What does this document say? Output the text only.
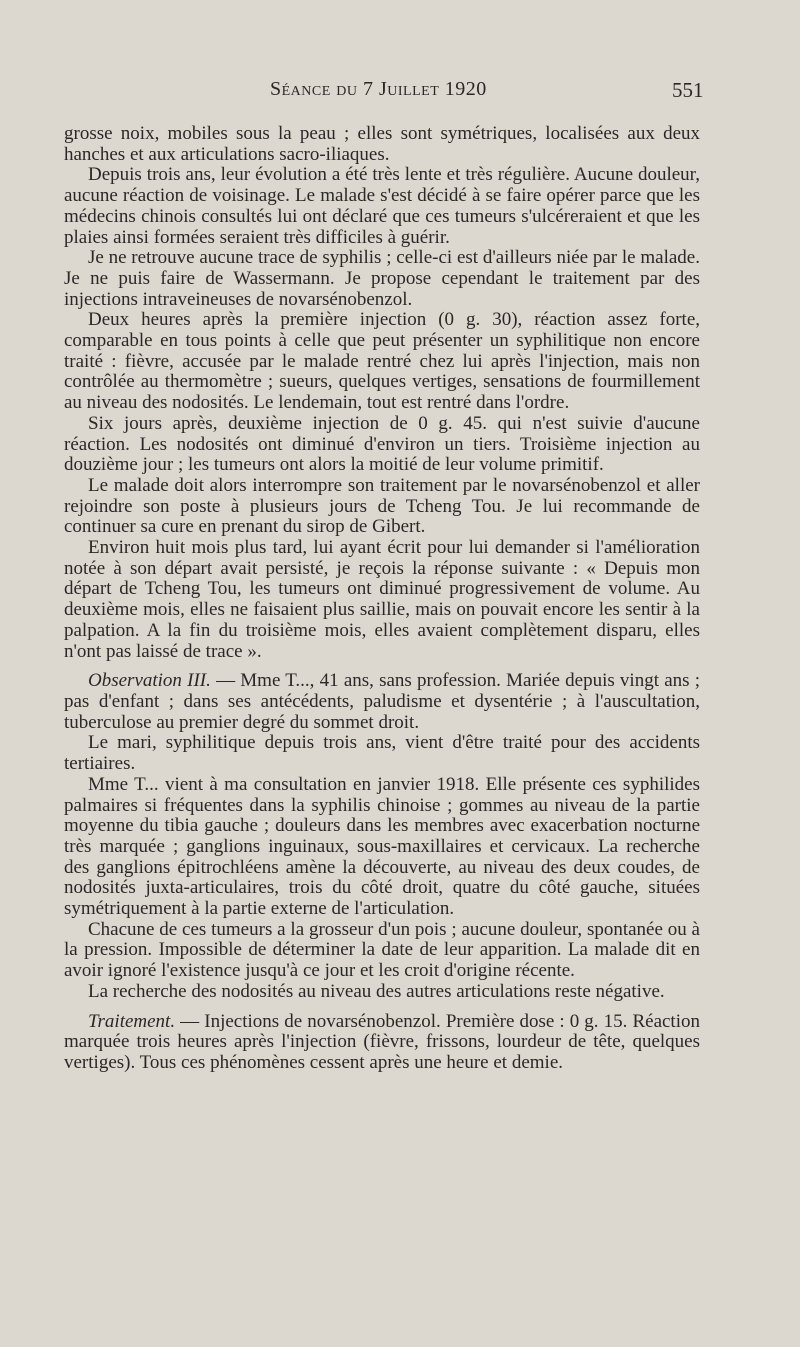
Séance du 7 Juillet 1920	551

grosse noix, mobiles sous la peau ; elles sont symétriques, localisées aux deux hanches et aux articulations sacro-iliaques.

Depuis trois ans, leur évolution a été très lente et très régulière. Aucune douleur, aucune réaction de voisinage. Le malade s'est décidé à se faire opérer parce que les médecins chinois consultés lui ont déclaré que ces tumeurs s'ulcéreraient et que les plaies ainsi formées seraient très difficiles à guérir.

Je ne retrouve aucune trace de syphilis ; celle-ci est d'ailleurs niée par le malade. Je ne puis faire de Wassermann. Je propose cependant le traitement par des injections intraveineuses de novarsénobenzol.

Deux heures après la première injection (0 g. 30), réaction assez forte, comparable en tous points à celle que peut présenter un syphilitique non encore traité : fièvre, accusée par le malade rentré chez lui après l'injection, mais non contrôlée au thermomètre ; sueurs, quelques vertiges, sensations de fourmillement au niveau des nodosités. Le lendemain, tout est rentré dans l'ordre.

Six jours après, deuxième injection de 0 g. 45. qui n'est suivie d'aucune réaction. Les nodosités ont diminué d'environ un tiers. Troisième injection au douzième jour ; les tumeurs ont alors la moitié de leur volume primitif.

Le malade doit alors interrompre son traitement par le novarsénobenzol et aller rejoindre son poste à plusieurs jours de Tcheng Tou. Je lui recommande de continuer sa cure en prenant du sirop de Gibert.

Environ huit mois plus tard, lui ayant écrit pour lui demander si l'amélioration notée à son départ avait persisté, je reçois la réponse suivante : « Depuis mon départ de Tcheng Tou, les tumeurs ont diminué progressivement de volume. Au deuxième mois, elles ne faisaient plus saillie, mais on pouvait encore les sentir à la palpation. A la fin du troisième mois, elles avaient complètement disparu, elles n'ont pas laissé de trace ».

Observation III. — Mme T..., 41 ans, sans profession. Mariée depuis vingt ans ; pas d'enfant ; dans ses antécédents, paludisme et dysentérie ; à l'auscultation, tuberculose au premier degré du sommet droit.

Le mari, syphilitique depuis trois ans, vient d'être traité pour des accidents tertiaires.

Mme T... vient à ma consultation en janvier 1918. Elle présente ces syphilides palmaires si fréquentes dans la syphilis chinoise ; gommes au niveau de la partie moyenne du tibia gauche ; douleurs dans les membres avec exacerbation nocturne très marquée ; ganglions inguinaux, sous-maxillaires et cervicaux. La recherche des ganglions épitrochléens amène la découverte, au niveau des deux coudes, de nodosités juxta-articulaires, trois du côté droit, quatre du côté gauche, situées symétriquement à la partie externe de l'articulation.

Chacune de ces tumeurs a la grosseur d'un pois ; aucune douleur, spontanée ou à la pression. Impossible de déterminer la date de leur apparition. La malade dit en avoir ignoré l'existence jusqu'à ce jour et les croit d'origine récente.

La recherche des nodosités au niveau des autres articulations reste négative.

Traitement. — Injections de novarsénobenzol. Première dose : 0 g. 15. Réaction marquée trois heures après l'injection (fièvre, frissons, lourdeur de tête, quelques vertiges). Tous ces phénomènes cessent après une heure et demie.
